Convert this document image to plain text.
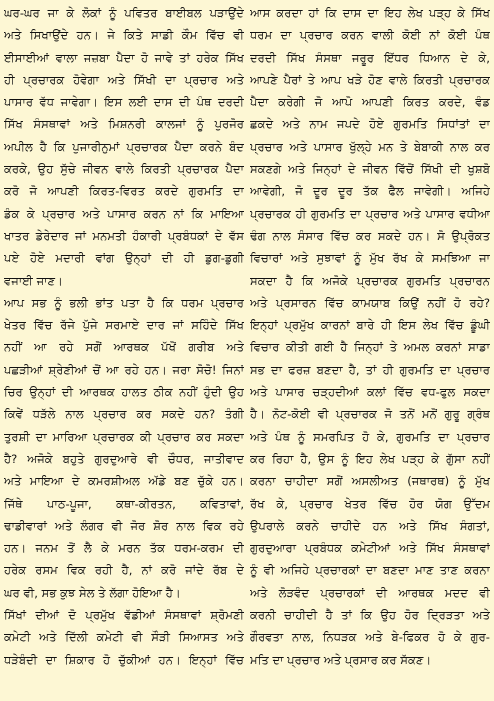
ਘਰ-ਘਰ ਜਾ ਕੇ ਲੋਕਾਂ ਨੂੰ ਪਵਿਤਰ ਬਾਈਬਲ ਪੜਾਉਂਦੇ
ਅਤੇ ਸਿਖਾਉਂਦੇ ਹਨ। ਜੇ ਕਿਤੇ ਸਾਡੀ ਕੌਮ ਵਿੱਚ ਵੀ
ਈਸਾਈਆਂ ਵਾਲਾ ਜਜ਼ਬਾ ਪੈਦਾ ਹੋ ਜਾਵੇ ਤਾਂ ਹਰੇਕ ਸਿੱਖ
ਹੀ ਪ੍ਰਚਾਰਕ ਹੋਵੇਗਾ ਅਤੇ ਸਿੱਖੀ ਦਾ ਪ੍ਰਚਾਰ ਅਤੇ
ਪਾਸਾਰ ਵੱਧ ਜਾਵੇਗਾ। ਇਸ ਲਈ ਦਾਸ ਦੀ ਪੰਥ ਦਰਦੀ
ਸਿੱਖ ਸੰਸਥਾਵਾਂ ਅਤੇ ਮਿਸ਼ਨਰੀ ਕਾਲਜਾਂ ਨੂੰ ਪੁਰਜੋਰ
ਅਪੀਲ ਹੈ ਕਿ ਪੁਜਾਰੀਨੁਮਾਂ ਪ੍ਰਚਾਰਕ ਪੈਦਾ ਕਰਨੇ ਬੰਦ
ਕਰਕੇ, ਉਹ ਸੁੱਚੇ ਜੀਵਨ ਵਾਲੇ ਕਿਰਤੀ ਪ੍ਰਚਾਰਕ ਪੈਦਾ
ਕਰੋ ਜੋ ਆਪਣੀ ਕਿਰਤ-ਵਿਰਤ ਕਰਦੇ ਗੁਰਮਤਿ ਦਾ
ਡੰਕ ਕੇ ਪ੍ਰਚਾਰ ਅਤੇ ਪਾਸਾਰ ਕਰਨ ਨਾਂ ਕਿ ਮਾਇਆ
ਖਾਤਰ ਡੇਰੇਦਾਰ ਜਾਂ ਮਨਮਤੀ ਹੰਕਾਰੀ ਪ੍ਰਬੰਧਕਾਂ ਦੇ ਵੱਸ
ਪਏ ਹੋਏ ਮਦਾਰੀ ਵਾਂਗ ਉਨ੍ਹਾਂ ਦੀ ਹੀ ਡੁਗ-ਡੁਗੀ
ਵਜਾਈ ਜਾਣ।
ਆਪ ਸਭ ਨੂੰ ਭਲੀ ਭਾਂਤ ਪਤਾ ਹੈ ਕਿ ਧਰਮ ਪ੍ਰਚਾਰ
ਖੇਤਰ ਵਿੱਚ ਰੱਜੇ ਪੁੱਜੇ ਸਰਮਾਏ ਦਾਰ ਜਾਂ ਸਹਿੰਦੇ ਸਿੱਖ
ਨਹੀਂ ਆ ਰਹੇ ਸਗੋਂ ਆਰਥਕ ਪੱਖੋਂ ਗਰੀਬ ਅਤੇ
ਪਛੜੀਆਂ ਸ਼੍ਰੇਣੀਆਂ ਚੋਂ ਆ ਰਹੇ ਹਨ। ਜਰਾ ਸੋਚੋ! ਜਿਨਾਂ
ਚਿਰ ਉਨ੍ਹਾਂ ਦੀ ਆਰਥਕ ਹਾਲਤ ਠੀਕ ਨਹੀਂ ਹੁੰਦੀ ਉਹ
ਕਿਵੇਂ ਧੜੱਲੇ ਨਾਲ ਪ੍ਰਚਾਰ ਕਰ ਸਕਦੇ ਹਨ? ਤੰਗੀ
ਤੁਰਸ਼ੀ ਦਾ ਮਾਰਿਆ ਪ੍ਰਚਾਰਕ ਕੀ ਪ੍ਰਚਾਰ ਕਰ ਸਕਦਾ
ਹੈ? ਅਜੋਕੇ ਬਹੁਤੇ ਗੁਰਦੁਆਰੇ ਵੀ ਚੌਧਰ, ਜਾਤੀਵਾਦ
ਅਤੇ ਮਾਇਆ ਦੇ ਕਮਰਸ਼ੀਅਲ ਅੱਡੇ ਬਣ ਚੁੱਕੇ ਹਨ।
ਜਿੱਥੇ ਪਾਠ-ਪੂਜਾ, ਕਥਾ-ਕੀਰਤਨ, ਕਵਿਤਾਵਾਂ,
ਢਾਡੀਵਾਰਾਂ ਅਤੇ ਲੰਗਰ ਵੀ ਜੋਰ ਸ਼ੋਰ ਨਾਲ ਵਿਕ ਰਹੇ
ਹਨ। ਜਨਮ ਤੋਂ ਲੈ ਕੇ ਮਰਨ ਤੱਕ ਧਰਮ-ਕਰਮ ਦੀ
ਹਰੇਕ ਰਸਮ ਵਿਕ ਰਹੀ ਹੈ, ਨਾਂ ਕਰੋ ਜਾਂਦੇ ਰੱਬ ਦੇ
ਘਰ ਵੀ, ਸਭ ਕੁਝ ਸੇਲ ਤੇ ਲੱਗਾ ਹੋਇਆ ਹੈ।
ਸਿੱਖਾਂ ਦੀਆਂ ਦੋ ਪ੍ਰਮੁੱਖ ਵੱਡੀਆਂ ਸੰਸਥਾਵਾਂ ਸ਼੍ਰੋਮਣੀ
ਕਮੇਟੀ ਅਤੇ ਦਿੱਲੀ ਕਮੇਟੀ ਵੀ ਸੌੜੀ ਸਿਆਸਤ ਅਤੇ
ਧੜੇਬੰਦੀ ਦਾ ਸ਼ਿਕਾਰ ਹੋ ਚੁੱਕੀਆਂ ਹਨ। ਇਨ੍ਹਾਂ ਵਿੱਚ
ਆਸ ਕਰਦਾ ਹਾਂ ਕਿ ਦਾਸ ਦਾ ਇਹ ਲੇਖ ਪੜ੍ਹ ਕੇ ਸਿੱਖ
ਧਰਮ ਦਾ ਪ੍ਰਚਾਰ ਕਰਨ ਵਾਲੀ ਕੋਈ ਨਾਂ ਕੋਈ ਪੰਥ
ਦਰਦੀ ਸਿੱਖ ਸੰਸਥਾ ਜਰੂਰ ਇੱਧਰ ਧਿਆਨ ਦੇ ਕੇ,
ਆਪਣੇ ਪੈਰਾਂ ਤੇ ਆਪ ਖੜੇ ਹੋਣ ਵਾਲੇ ਕਿਰਤੀ ਪ੍ਰਚਾਰਕ
ਪੈਦਾ ਕਰੇਗੀ ਜੋ ਆਪੋ ਆਪਣੀ ਕਿਰਤ ਕਰਦੇ, ਵੰਡ
ਛਕਦੇ ਅਤੇ ਨਾਮ ਜਪਦੇ ਹੋਏ ਗੁਰਮਤਿ ਸਿਧਾਂਤਾਂ ਦਾ
ਪ੍ਰਚਾਰ ਅਤੇ ਪਾਸਾਰ ਖੁੱਲ੍ਹੇ ਮਨ ਤੇ ਬੇਬਾਕੀ ਨਾਲ ਕਰ
ਸਕਣਗੇ ਅਤੇ ਜਿਨ੍ਹਾਂ ਦੇ ਜੀਵਨ ਵਿੱਚੋਂ ਸਿੱਖੀ ਦੀ ਖੁਸ਼ਬੋ
ਆਵੇਗੀ, ਜੋ ਦੂਰ ਦੂਰ ਤੱਕ ਫੈਲ ਜਾਵੇਗੀ। ਅਜਿਹੇ
ਪ੍ਰਚਾਰਕ ਹੀ ਗੁਰਮਤਿ ਦਾ ਪ੍ਰਚਾਰ ਅਤੇ ਪਾਸਾਰ ਵਧੀਆ
ਢੰਗ ਨਾਲ ਸੰਸਾਰ ਵਿੱਚ ਕਰ ਸਕਦੇ ਹਨ। ਸੋ ਉਪ੍ਰੋਕਤ
ਵਿਚਾਰਾਂ ਅਤੇ ਸੁਝਾਵਾਂ ਨੂੰ ਮੁੱਖ ਰੱਖ ਕੇ ਸਮਝਿਆ ਜਾ
ਸਕਦਾ ਹੈ ਕਿ ਅਜੋਕੇ ਪ੍ਰਚਾਰਕ ਗੁਰਮਤਿ ਪ੍ਰਚਾਰਨ
ਅਤੇ ਪ੍ਰਸਾਰਨ ਵਿੱਚ ਕਾਮਯਾਬ ਕਿਉਂ ਨਹੀਂ ਹੋ ਰਹੇ?
ਇਨ੍ਹਾਂ ਪ੍ਰਮੁੱਖ ਕਾਰਨਾਂ ਬਾਰੇ ਹੀ ਇਸ ਲੇਖ ਵਿੱਚ ਡੂੰਘੀ
ਵਿਚਾਰ ਕੀਤੀ ਗਈ ਹੈ ਜਿਨ੍ਹਾਂ ਤੇ ਅਮਲ ਕਰਨਾਂ ਸਾਡਾ
ਸਭ ਦਾ ਫਰਜ਼ ਬਣਦਾ ਹੈ, ਤਾਂ ਹੀ ਗੁਰਮਤਿ ਦਾ ਪ੍ਰਚਾਰ
ਅਤੇ ਪਾਸਾਰ ਚੜ੍ਹਦੀਆਂ ਕਲਾਂ ਵਿੱਚ ਵਧ-ਫੁਲ ਸਕਦਾ
ਹੈ। ਨੋਟ-ਕੋਈ ਵੀ ਪ੍ਰਚਾਰਕ ਜੋ ਤਨੋਂ ਮਨੋਂ ਗੁਰੂ ਗ੍ਰੰਥ
ਅਤੇ ਪੰਥ ਨੂੰ ਸਮਰਪਿਤ ਹੋ ਕੇ, ਗੁਰਮਤਿ ਦਾ ਪ੍ਰਚਾਰ
ਕਰ ਰਿਹਾ ਹੈ, ਉਸ ਨੂੰ ਇਹ ਲੇਖ ਪੜ੍ਹ ਕੇ ਗੁੱਸਾ ਨਹੀਂ
ਕਰਨਾ ਚਾਹੀਦਾ ਸਗੋਂ ਅਸਲੀਅਤ (ਜਥਾਰਥ) ਨੂੰ ਮੁੱਖ
ਰੱਖ ਕੇ, ਪ੍ਰਚਾਰ ਖੇਤਰ ਵਿੱਚ ਹੋਰ ਯੋਗ ਉੱਦਮ
ਉਪਰਾਲੇ ਕਰਨੇ ਚਾਹੀਦੇ ਹਨ ਅਤੇ ਸਿੱਖ ਸੰਗਤਾਂ,
ਗੁਰਦੁਆਰਾ ਪ੍ਰਬੰਧਕ ਕਮੇਟੀਆਂ ਅਤੇ ਸਿੱਖ ਸੰਸਥਾਵਾਂ
ਨੂੰ ਵੀ ਅਜਿਹੇ ਪ੍ਰਚਾਰਕਾਂ ਦਾ ਬਣਦਾ ਮਾਣ ਤਾਣ ਕਰਨਾ
ਅਤੇ ਲੋੜਵੰਦ ਪ੍ਰਚਾਰਕਾਂ ਦੀ ਆਰਥਕ ਮਦਦ ਵੀ
ਕਰਨੀ ਚਾਹੀਦੀ ਹੈ ਤਾਂ ਕਿ ਉਹ ਹੋਰ ਦ੍ਰਿੜਤਾ ਅਤੇ
ਗੌਰਵਤਾ ਨਾਲ, ਨਿਧੜਕ ਅਤੇ ਬੇ-ਫਿਕਰ ਹੋ ਕੇ ਗੁਰ-
ਮਤਿ ਦਾ ਪ੍ਰਚਾਰ ਅਤੇ ਪ੍ਰਸਾਰ ਕਰ ਸੱਕਣ।
